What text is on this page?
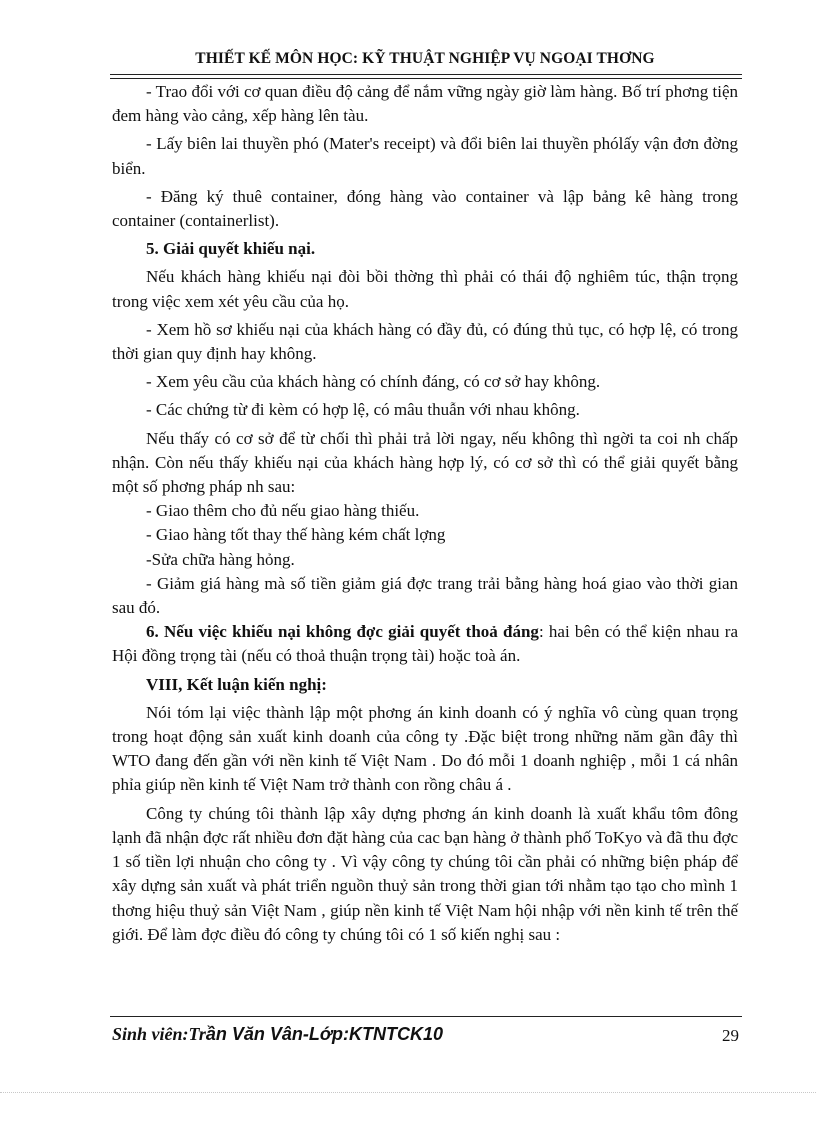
THIẾT KẾ MÔN HỌC: KỸ THUẬT NGHIỆP VỤ NGOẠI THƠNG

- Trao đổi với cơ quan điều độ cảng để nắm vững ngày giờ làm hàng. Bố trí phơng tiện đem hàng vào cảng, xếp hàng lên tàu.

- Lấy biên lai thuyền phó (Mater's receipt) và đổi biên lai thuyền phólấy vận đơn đờng biển.

- Đăng ký thuê container, đóng hàng vào container và lập bảng kê hàng trong container (containerlist).

5. Giải quyết khiếu nại.

Nếu khách hàng khiếu nại đòi bồi thờng thì phải có thái độ nghiêm túc, thận trọng trong việc xem xét yêu cầu của họ.

- Xem hồ sơ khiếu nại của khách hàng có đầy đủ, có đúng thủ tục, có hợp lệ, có trong thời gian quy định hay không.

- Xem yêu cầu của khách hàng có chính đáng, có cơ sở hay không.

- Các chứng từ đi kèm có hợp lệ, có mâu thuẫn với nhau không.

Nếu thấy có cơ sở để từ chối thì phải trả lời ngay, nếu không thì ngời ta coi nh chấp nhận. Còn nếu thấy khiếu nại của khách hàng hợp lý, có cơ sở thì có thể giải quyết bằng một số phơng pháp nh sau:

- Giao thêm cho đủ nếu giao hàng thiếu.

- Giao hàng tốt thay thế hàng kém chất lợng

-Sửa chữa hàng hỏng.

- Giảm giá hàng mà số tiền giảm giá đợc trang trải bằng hàng hoá giao vào thời gian sau đó.

6. Nếu việc khiếu nại không đợc giải quyết thoả đáng: hai bên có thể kiện nhau ra Hội đồng trọng tài (nếu có thoả thuận trọng tài) hoặc toà án.

VIII, Kết luận kiến nghị:

Nói tóm lại việc thành lập một phơng án kinh doanh có ý nghĩa vô cùng quan trọng trong hoạt động sản xuất kinh doanh của công ty .Đặc biệt trong những năm gần đây thì WTO đang đến gần với nền kinh tế Việt Nam . Do đó mỗi 1 doanh nghiệp , mỗi 1 cá nhân phỉa giúp nền kinh tế Việt Nam trở thành con rồng châu á .

Công ty chúng tôi thành lập xây dựng phơng án kinh doanh là xuất khẩu tôm đông lạnh đã nhận đợc rất nhiều đơn đặt hàng của cac bạn hàng ở thành phố ToKyo và đã thu đợc 1 số tiền lợi nhuận cho công ty . Vì vậy công ty chúng tôi cần phải có những biện pháp để xây dựng sản xuất và phát triển nguồn thuỷ sản trong thời gian tới nhằm tạo tạo cho mình 1 thơng hiệu thuỷ sản Việt Nam , giúp nền kinh tế Việt Nam hội nhập với nền kinh tế trên thế giới. Để làm đợc điều đó công ty chúng tôi có 1 số kiến nghị sau :

Sinh viên:Trần Văn Vân-Lớp:KTNTCK10	29
